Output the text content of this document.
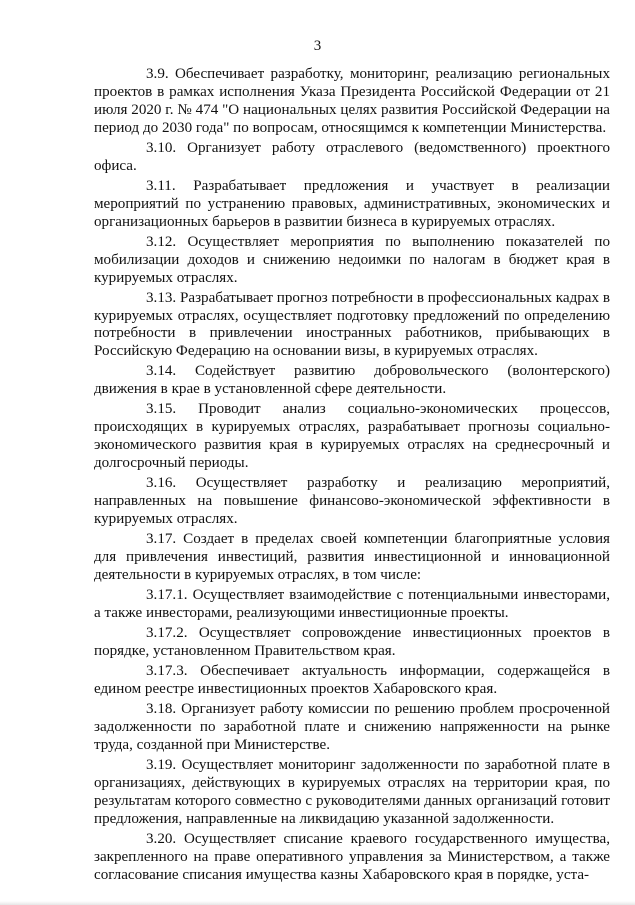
3

3.9. Обеспечивает разработку, мониторинг, реализацию региональных проектов в рамках исполнения Указа Президента Российской Федерации от 21 июля 2020 г. № 474 "О национальных целях развития Российской Федерации на период до 2030 года" по вопросам, относящимся к компетенции Министерства.

3.10. Организует работу отраслевого (ведомственного) проектного офиса.

3.11. Разрабатывает предложения и участвует в реализации мероприятий по устранению правовых, административных, экономических и организационных барьеров в развитии бизнеса в курируемых отраслях.

3.12. Осуществляет мероприятия по выполнению показателей по мобилизации доходов и снижению недоимки по налогам в бюджет края в курируемых отраслях.

3.13. Разрабатывает прогноз потребности в профессиональных кадрах в курируемых отраслях, осуществляет подготовку предложений по определению потребности в привлечении иностранных работников, прибывающих в Российскую Федерацию на основании визы, в курируемых отраслях.

3.14. Содействует развитию добровольческого (волонтерского) движения в крае в установленной сфере деятельности.

3.15. Проводит анализ социально-экономических процессов, происходящих в курируемых отраслях, разрабатывает прогнозы социально-экономического развития края в курируемых отраслях на среднесрочный и долгосрочный периоды.

3.16. Осуществляет разработку и реализацию мероприятий, направленных на повышение финансово-экономической эффективности в курируемых отраслях.

3.17. Создает в пределах своей компетенции благоприятные условия для привлечения инвестиций, развития инвестиционной и инновационной деятельности в курируемых отраслях, в том числе:

3.17.1. Осуществляет взаимодействие с потенциальными инвесторами, а также инвесторами, реализующими инвестиционные проекты.

3.17.2. Осуществляет сопровождение инвестиционных проектов в порядке, установленном Правительством края.

3.17.3. Обеспечивает актуальность информации, содержащейся в едином реестре инвестиционных проектов Хабаровского края.

3.18. Организует работу комиссии по решению проблем просроченной задолженности по заработной плате и снижению напряженности на рынке труда, созданной при Министерстве.

3.19. Осуществляет мониторинг задолженности по заработной плате в организациях, действующих в курируемых отраслях на территории края, по результатам которого совместно с руководителями данных организаций готовит предложения, направленные на ликвидацию указанной задолженности.

3.20. Осуществляет списание краевого государственного имущества, закрепленного на праве оперативного управления за Министерством, а также согласование списания имущества казны Хабаровского края в порядке, уста-
